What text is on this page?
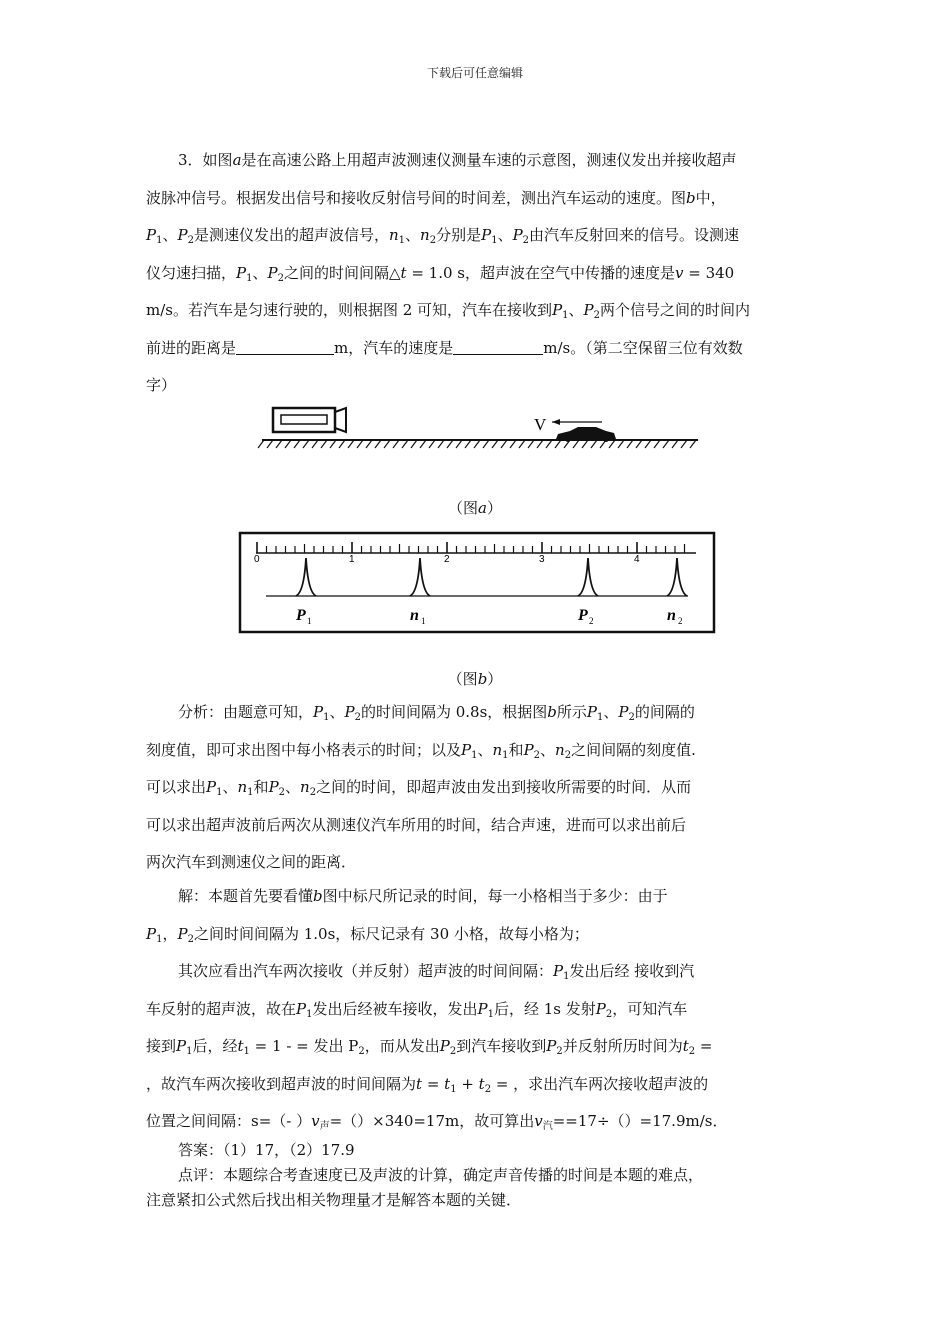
下载后可任意编辑
3．如图a是在高速公路上用超声波测速仪测量车速的示意图，测速仪发出并接收超声
波脉冲信号。根据发出信号和接收反射信号间的时间差，测出汽车运动的速度。图b中，
$P_1$、$P_2$是测速仪发出的超声波信号，$n_1$、$n_2$分别是$P_1$、$P_2$由汽车反射回来的信号。设测速
仪匀速扫描，$P_1$、$P_2$之间的时间间隔△t = 1.0 s，超声波在空气中传播的速度是v = 340
m/s。若汽车是匀速行驶的，则根据图 2 可知，汽车在接收到$P_1$、$P_2$两个信号之间的时间内
前进的距离是	m，汽车的速度是	m/s。（第二空保留三位有效数
字）
V
（图a）
0	1	2	3	4
P 1	n 1	P 2	n 2
（图b）
分析：由题意可知，$P_1$、$P_2$的时间间隔为 0.8s，根据图b所示$P_1$、$P_2$的间隔的
刻度值，即可求出图中每小格表示的时间；以及$P_1$、$n_1$和$P_2$、$n_2$之间间隔的刻度值.
可以求出$P_1$、$n_1$和$P_2$、$n_2$之间的时间，即超声波由发出到接收所需要的时间．从而
可以求出超声波前后两次从测速仪汽车所用的时间，结合声速，进而可以求出前后
两次汽车到测速仪之间的距离．
解：本题首先要看懂b图中标尺所记录的时间，每一小格相当于多少：由于
$P_1$，$P_2$之间时间间隔为 1.0s，标尺记录有 30 小格，故每小格为；
其次应看出汽车两次接收（并反射）超声波的时间间隔：$P_1$发出后经 接收到汽
车反射的超声波，故在$P_1$发出后经被车接收，发出$P_1$后，经 1s 发射$P_2$，可知汽车
接到$P_1$后，经$t_1 = 1$ - = 发出 $P_2$，而从发出$P_2$到汽车接收到$P_2$并反射所历时间为$t_2$ =
，故汽车两次接收到超声波的时间间隔为$t = t_1 + t_2$ = ，求出汽车两次接收超声波的
位置之间间隔：s=（- ）$v_声=()\times 340=17m$，故可算出$v_汽==17\div()=17.9m/s$．
答案：（1）17，（2）17.9
点评：本题综合考查速度已及声波的计算，确定声音传播的时间是本题的难点，
注意紧扣公式然后找出相关物理量才是解答本题的关键．
